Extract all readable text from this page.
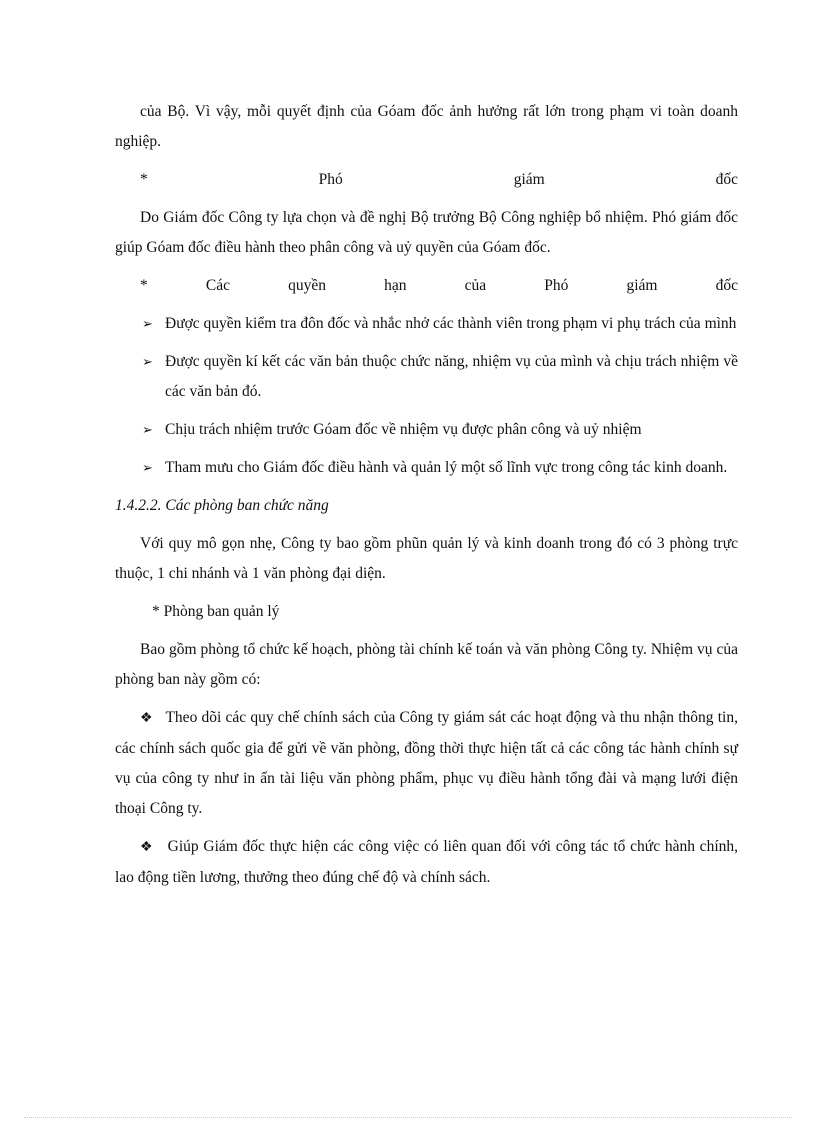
của Bộ. Vì vậy, mỗi quyết định của Góam đốc ảnh hưởng rất lớn trong phạm vi toàn doanh nghiệp.

* Phó giám đốc

Do Giám đốc Công ty lựa chọn và đề nghị Bộ trưởng Bộ Công nghiệp bổ nhiệm. Phó giám đốc giúp Góam đốc điều hành theo phân công và uỷ quyền của Góam đốc.

* Các quyền hạn của Phó giám đốc

➢ Được quyền kiểm tra đôn đốc và nhắc nhở các thành viên trong phạm vi phụ trách của mình

➢ Được quyền kí kết các văn bản thuộc chức năng, nhiệm vụ của mình và chịu trách nhiệm về các văn bản đó.

➢ Chịu trách nhiệm trước Góam đốc về nhiệm vụ được phân công và uỷ nhiệm

➢ Tham mưu cho Giám đốc điều hành và quản lý một số lĩnh vực trong công tác kinh doanh.

1.4.2.2. Các phòng ban chức năng

Với quy mô gọn nhẹ, Công ty bao gồm phũn quản lý và kinh doanh trong đó có 3 phòng trực thuộc, 1 chi nhánh và 1 văn phòng đại diện.

* Phòng ban quản lý

Bao gồm phòng tổ chức kế hoạch, phòng tài chính kế toán và văn phòng Công ty. Nhiệm vụ của phòng ban này gồm có:

❖ Theo dõi các quy chế chính sách của Công ty giám sát các hoạt động và thu nhận thông tin, các chính sách quốc gia để gửi về văn phòng, đồng thời thực hiện tất cả các công tác hành chính sự vụ của công ty như in ấn tài liệu văn phòng phẩm, phục vụ điều hành tổng đài và mạng lưới điện thoại Công ty.

❖ Giúp Giám đốc thực hiện các công việc có liên quan đối với công tác tổ chức hành chính, lao động tiền lương, thưởng theo đúng chế độ và chính sách.
